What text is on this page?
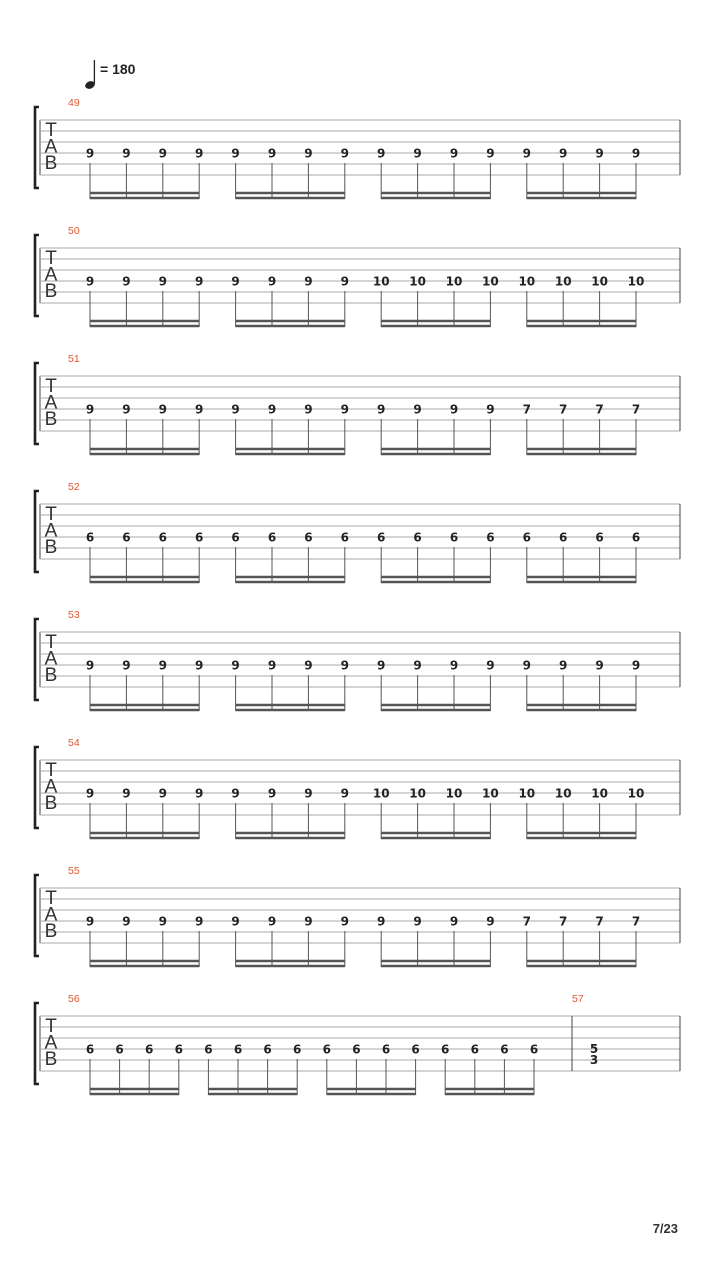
= 180
T
A
B
49
9 9 9 9 9 9 9 9 9 9 9 9 9 9 9 9
T
A
B
50
9 9 9 9 9 9 9 9 10 10 10 10 10 10 10 10
T
A
B
51
9 9 9 9 9 9 9 9 9 9 9 9 7 7 7 7
T
A
B
52
6 6 6 6 6 6 6 6 6 6 6 6 6 6 6 6
T
A
B
53
9 9 9 9 9 9 9 9 9 9 9 9 9 9 9 9
T
A
B
54
9 9 9 9 9 9 9 9 10 10 10 10 10 10 10 10
T
A
B
55
9 9 9 9 9 9 9 9 9 9 9 9 7 7 7 7
T
A
B
56
6 6 6 6 6 6 6 6 6 6 6 6 6 6 6 6
57
5
3
7/23
